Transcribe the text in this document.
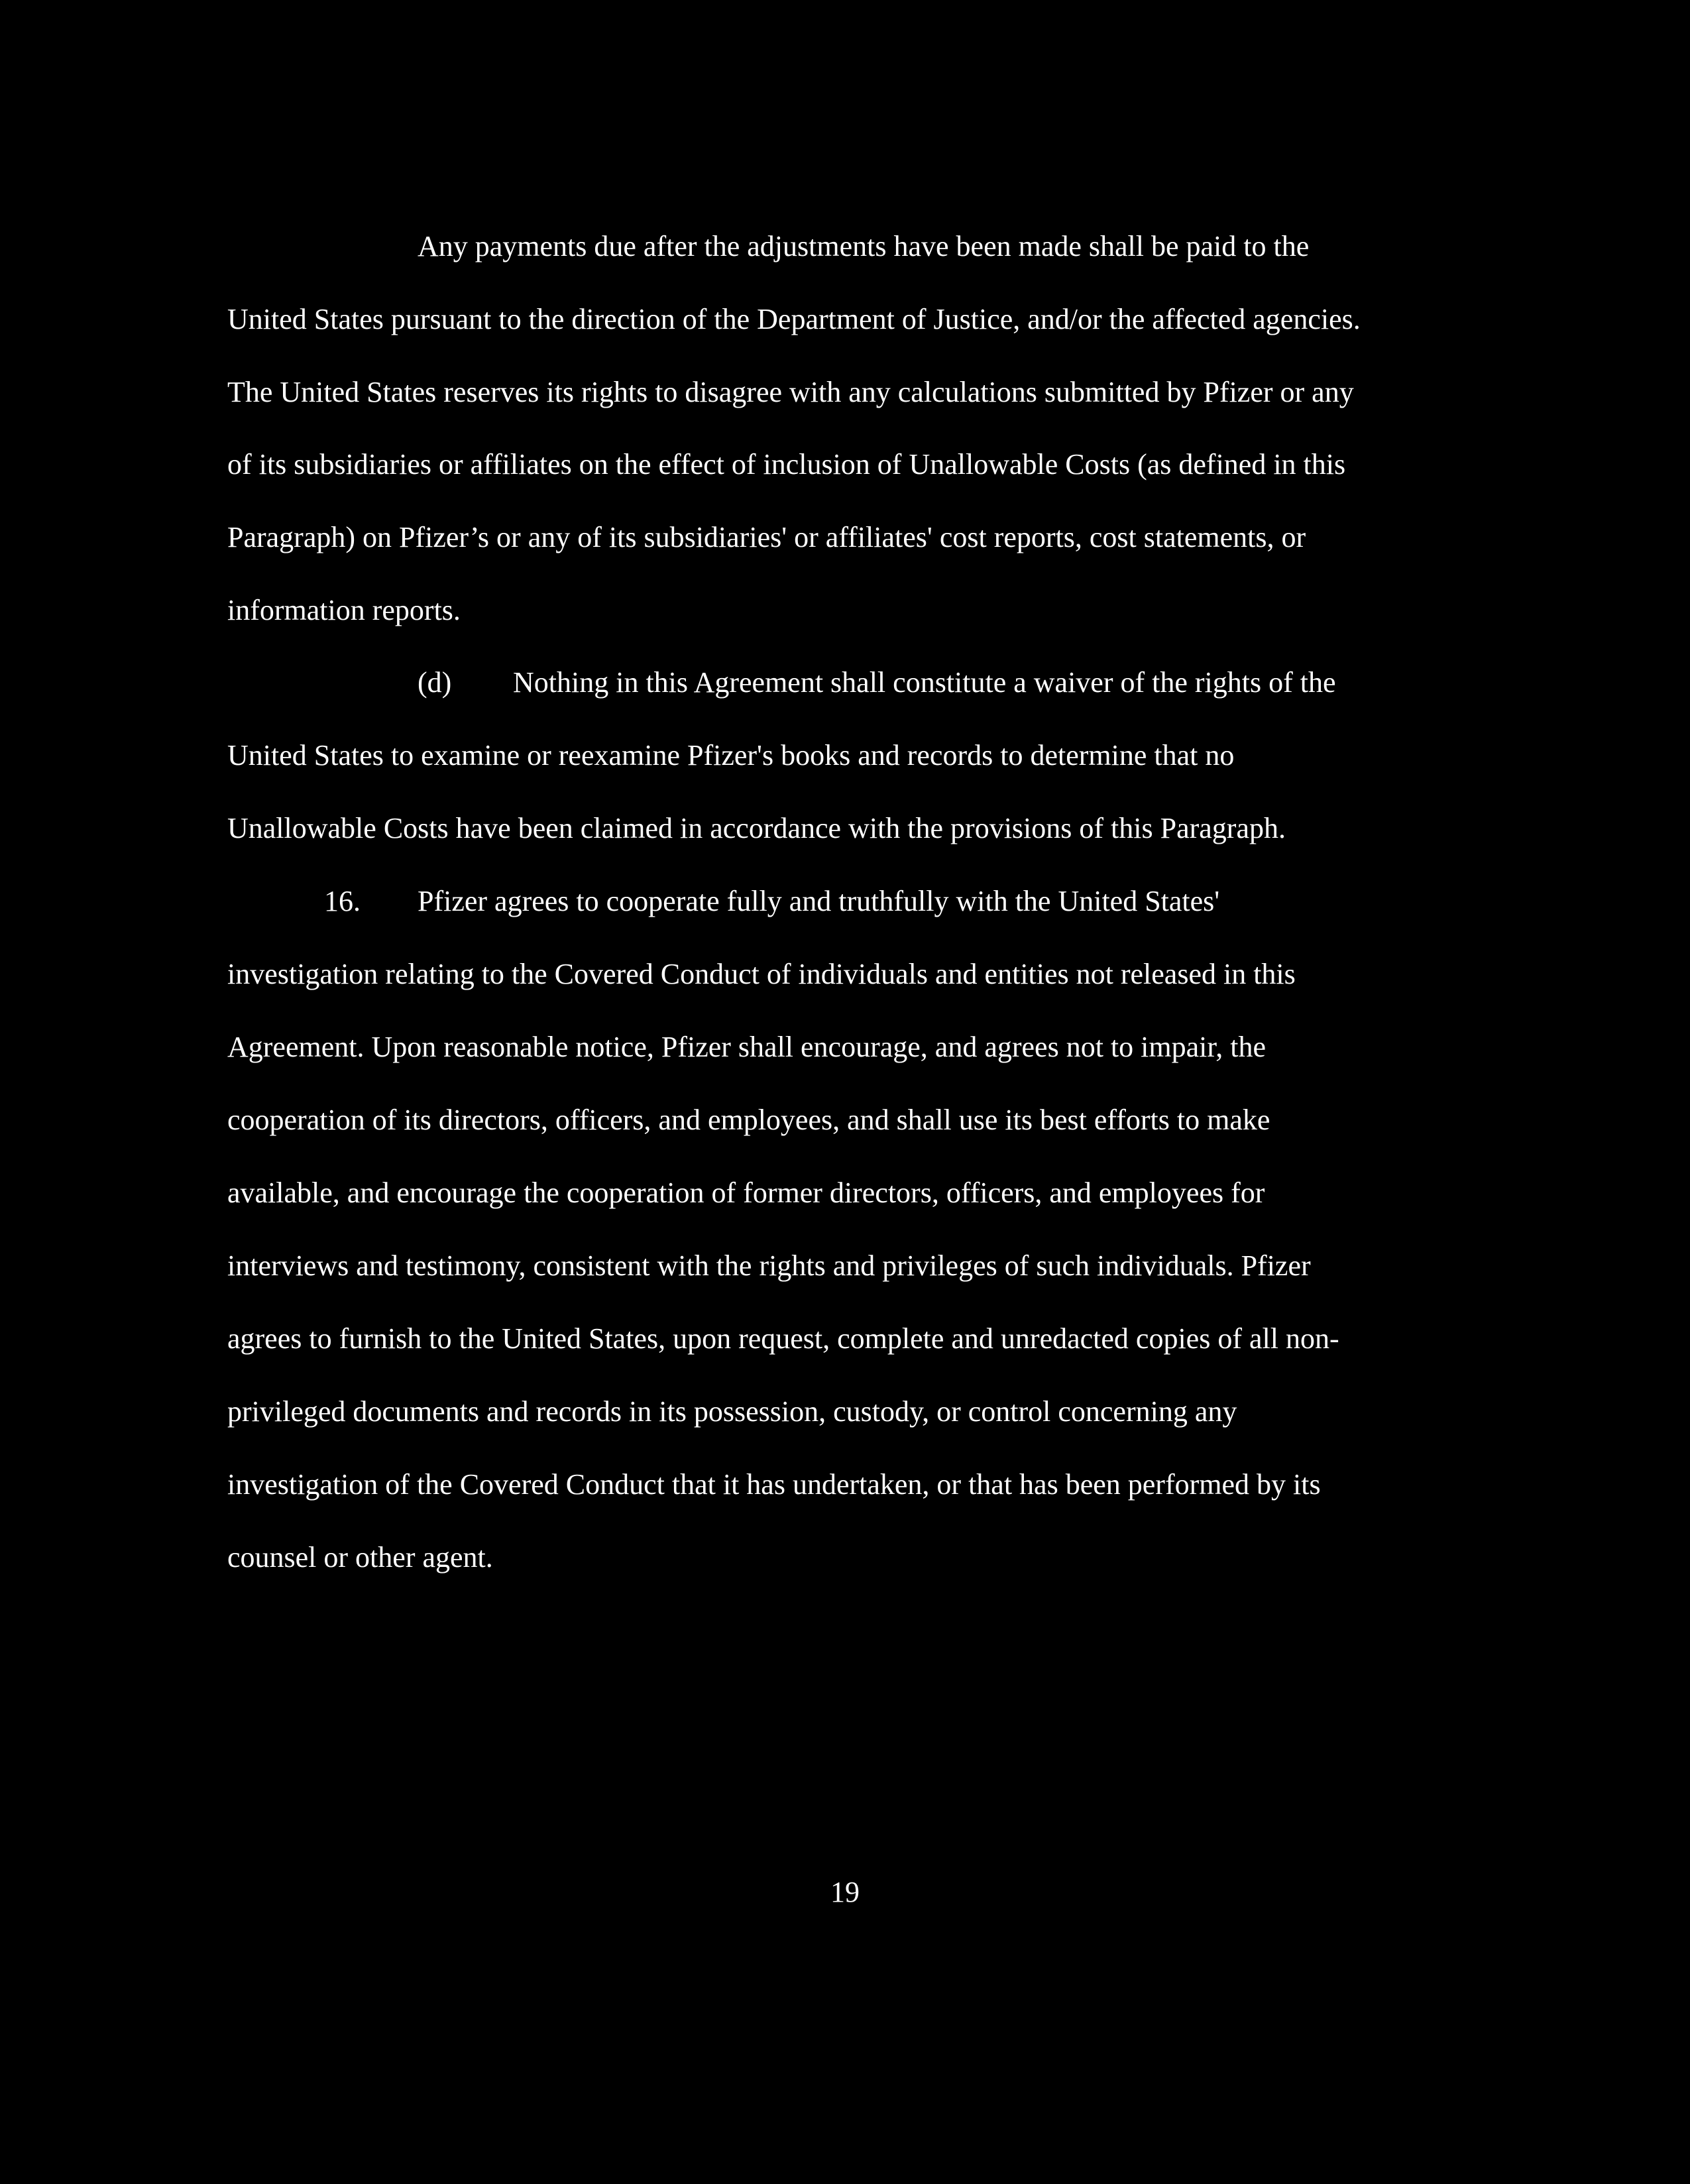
Any payments due after the adjustments have been made shall be paid to the
United States pursuant to the direction of the Department of Justice, and/or the affected agencies.
The United States reserves its rights to disagree with any calculations submitted by Pfizer or any
of its subsidiaries or affiliates on the effect of inclusion of Unallowable Costs (as defined in this
Paragraph) on Pfizer’s or any of its subsidiaries' or affiliates' cost reports, cost statements, or
information reports.
(d) Nothing in this Agreement shall constitute a waiver of the rights of the
United States to examine or reexamine Pfizer's books and records to determine that no
Unallowable Costs have been claimed in accordance with the provisions of this Paragraph.
16. Pfizer agrees to cooperate fully and truthfully with the United States'
investigation relating to the Covered Conduct of individuals and entities not released in this
Agreement. Upon reasonable notice, Pfizer shall encourage, and agrees not to impair, the
cooperation of its directors, officers, and employees, and shall use its best efforts to make
available, and encourage the cooperation of former directors, officers, and employees for
interviews and testimony, consistent with the rights and privileges of such individuals. Pfizer
agrees to furnish to the United States, upon request, complete and unredacted copies of all non-
privileged documents and records in its possession, custody, or control concerning any
investigation of the Covered Conduct that it has undertaken, or that has been performed by its
counsel or other agent.
19
